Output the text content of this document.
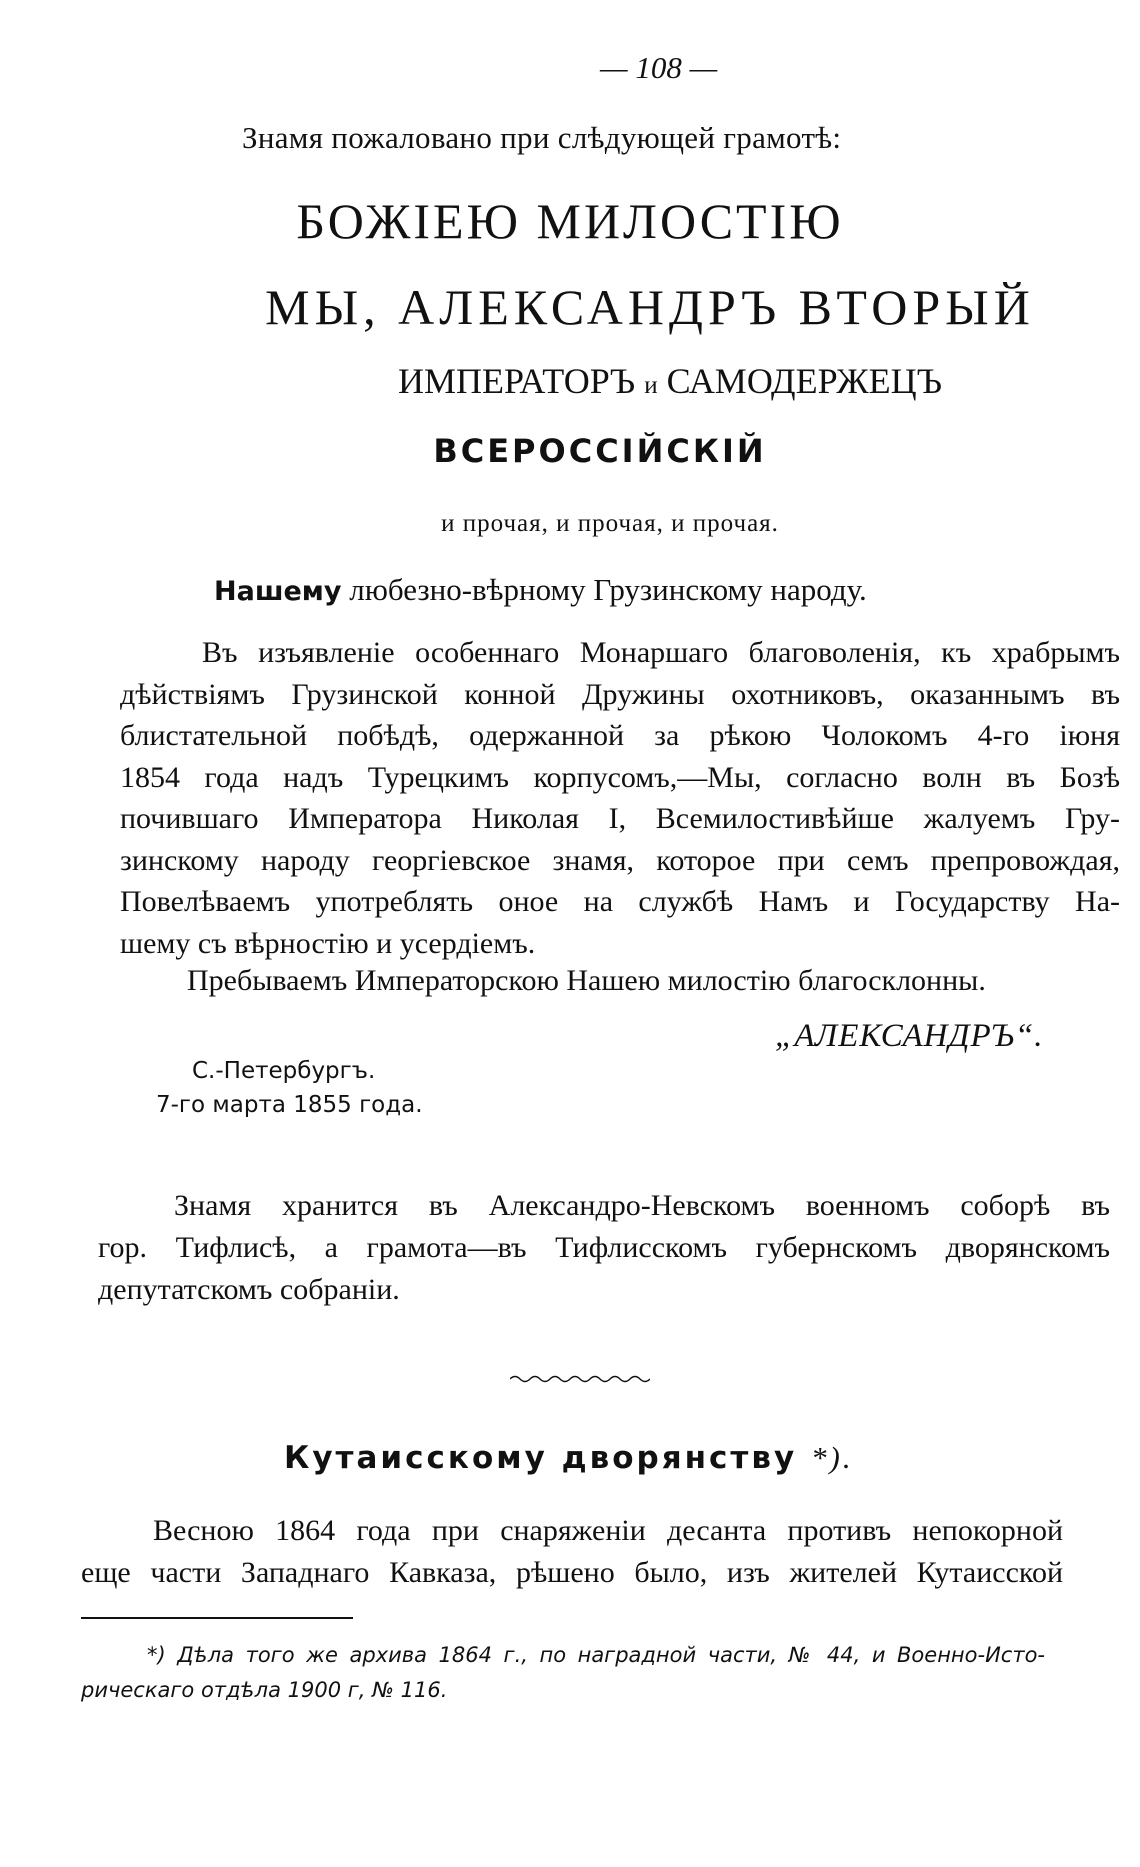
— 108 —
Знамя пожаловано при слѣдующей грамотѣ:
БОЖІЕЮ МИЛОСТІЮ
МЫ, АЛЕКСАНДРЪ ВТОРЫЙ
ИМПЕРАТОРЪ и САМОДЕРЖЕЦЪ
ВСЕРОССІЙСКІЙ
и прочая, и прочая, и прочая.
Нашему любезно-вѣрному Грузинскому народу.
Въ изъявленіе особеннаго Монаршаго благоволенія, къ храбрымъ
дѣйствіямъ Грузинской конной Дружины охотниковъ, оказаннымъ въ
блистательной побѣдѣ, одержанной за рѣкою Чолокомъ 4-го іюня
1854 года надъ Турецкимъ корпусомъ,—Мы, согласно волн въ Бозѣ
почившаго Императора Николая I, Всемилостивѣйше жалуемъ Гру-
зинскому народу георгіевское знамя, которое при семъ препровождая,
Повелѣваемъ употреблять оное на службѣ Намъ и Государству На-
шему съ вѣрностію и усердіемъ.
Пребываемъ Императорскою Нашею милостію благосклонны.
„АЛЕКСАНДРЪ“.
С.-Петербургъ.
7-го марта 1855 года.
Знамя хранится въ Александро-Невскомъ военномъ соборѣ въ
гор. Тифлисѣ, а грамота—въ Тифлисскомъ губернскомъ дворянскомъ
депутатскомъ собраніи.
Кутаисскому дворянству *).
Весною 1864 года при снаряженіи десанта противъ непокорной
еще части Западнаго Кавказа, рѣшено было, изъ жителей Кутаисской
*) Дѣла того же архива 1864 г., по наградной части, № 44, и Военно-Исто-
рическаго отдѣла 1900 г, № 116.
